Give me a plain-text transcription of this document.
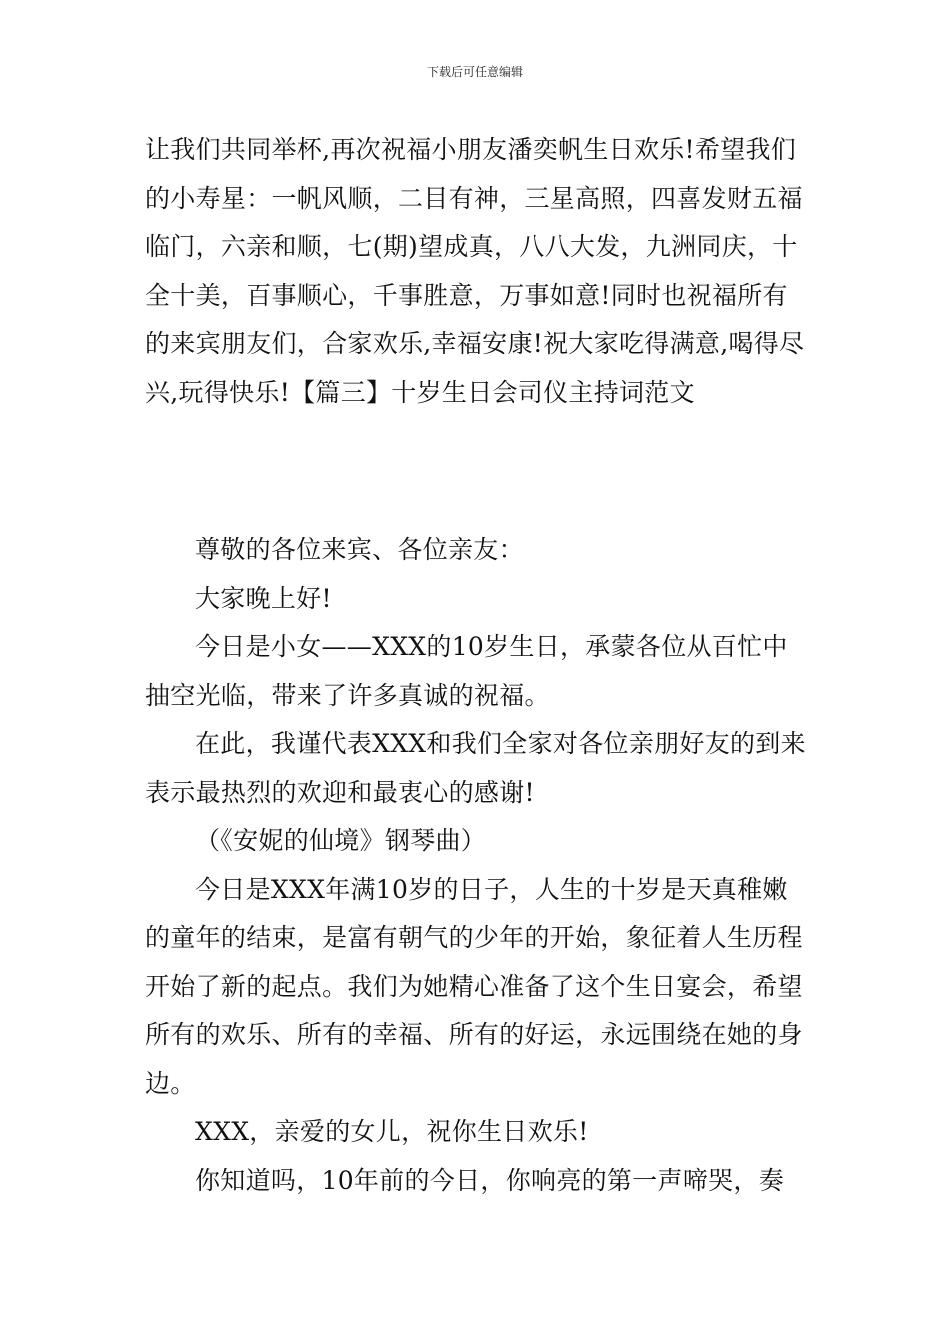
下载后可任意编辑

让我们共同举杯,再次祝福小朋友潘奕帆生日欢乐!希望我们的小寿星：一帆风顺，二目有神，三星高照，四喜发财五福临门，六亲和顺，七(期)望成真，八八大发，九洲同庆，十全十美，百事顺心，千事胜意，万事如意!同时也祝福所有的来宾朋友们，合家欢乐,幸福安康!祝大家吃得满意,喝得尽兴,玩得快乐!【篇三】十岁生日会司仪主持词范文

尊敬的各位来宾、各位亲友：

大家晚上好!

今日是小女——XXX的10岁生日，承蒙各位从百忙中抽空光临，带来了许多真诚的祝福。

在此，我谨代表XXX和我们全家对各位亲朋好友的到来表示最热烈的欢迎和最衷心的感谢!

（《安妮的仙境》钢琴曲）

今日是XXX年满10岁的日子，人生的十岁是天真稚嫩的童年的结束，是富有朝气的少年的开始，象征着人生历程开始了新的起点。我们为她精心准备了这个生日宴会，希望所有的欢乐、所有的幸福、所有的好运，永远围绕在她的身边。

XXX，亲爱的女儿，祝你生日欢乐!

你知道吗，10年前的今日，你响亮的第一声啼哭，奏
